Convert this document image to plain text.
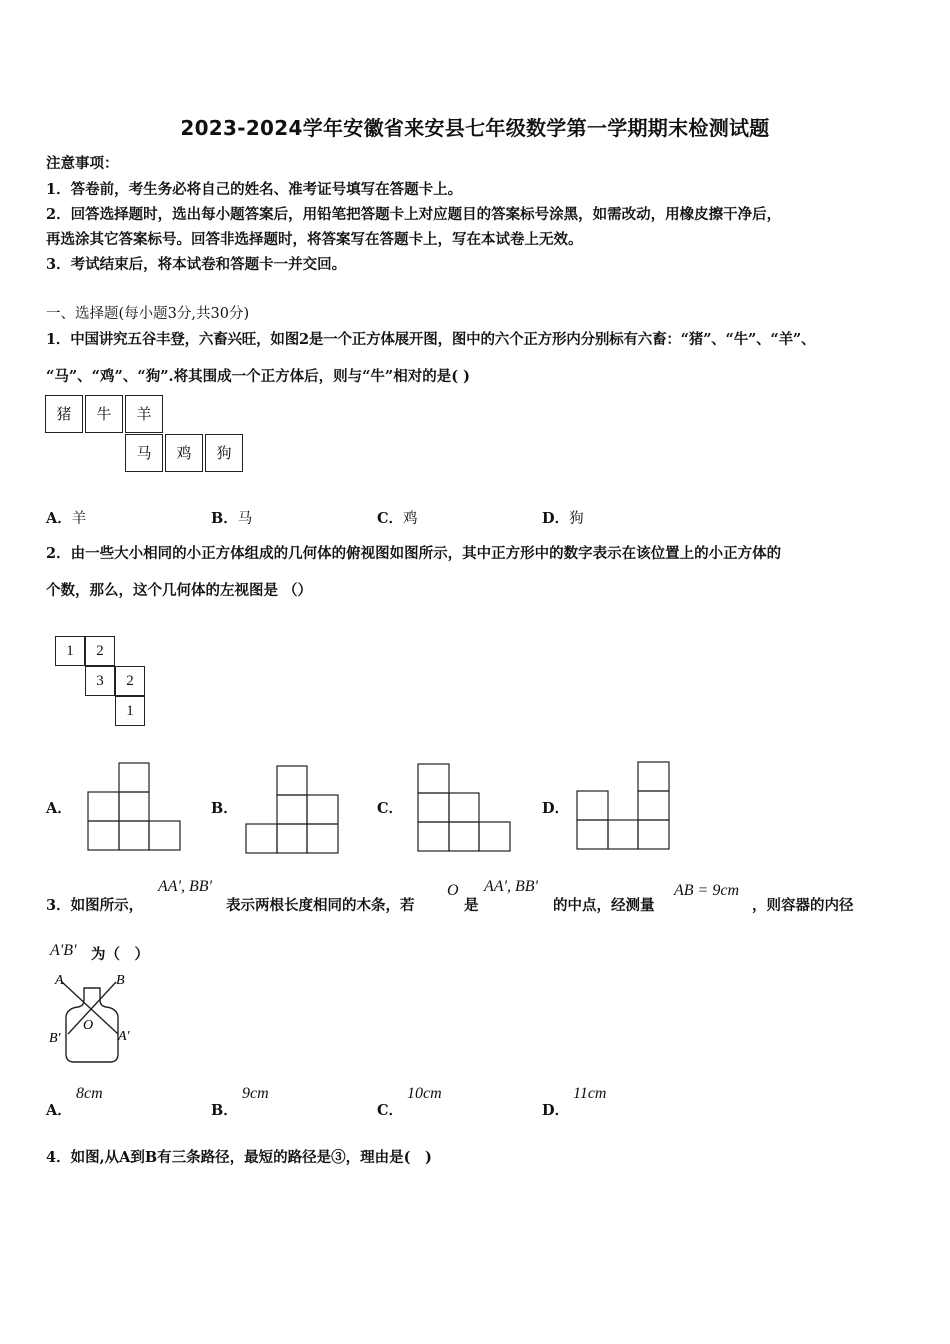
2023-2024学年安徽省来安县七年级数学第一学期期末检测试题
注意事项：
1．答卷前，考生务必将自己的姓名、准考证号填写在答题卡上。
2．回答选择题时，选出每小题答案后，用铅笔把答题卡上对应题目的答案标号涂黑，如需改动，用橡皮擦干净后，
再选涂其它答案标号。回答非选择题时，将答案写在答题卡上，写在本试卷上无效。
3．考试结束后，将本试卷和答题卡一并交回。
一、选择题(每小题3分,共30分)
1．中国讲究五谷丰登，六畜兴旺，如图2是一个正方体展开图，图中的六个正方形内分别标有六畜：“猪”、“牛”、“羊”、
“马”、“鸡”、“狗”.将其围成一个正方体后，则与“牛”相对的是( )
猪	牛	羊
马	鸡	狗
A．羊	B．马	C．鸡	D．狗
2．由一些大小相同的小正方体组成的几何体的俯视图如图所示，其中正方形中的数字表示在该位置上的小正方体的
个数，那么，这个几何体的左视图是 （）
1	2
3	2
1
A．	B．	C．	D．
3．如图所示，
AA', BB'
表示两根长度相同的木条，若
O
是
AA', BB'
的中点，经测量
AB = 9cm
，则容器的内径
A'B' 为（　）
A	B
O
B'	A'
A．
8cm
B．
9cm
C．
10cm
D．
11cm
4．如图,从A到B有三条路径，最短的路径是③，理由是(　)
